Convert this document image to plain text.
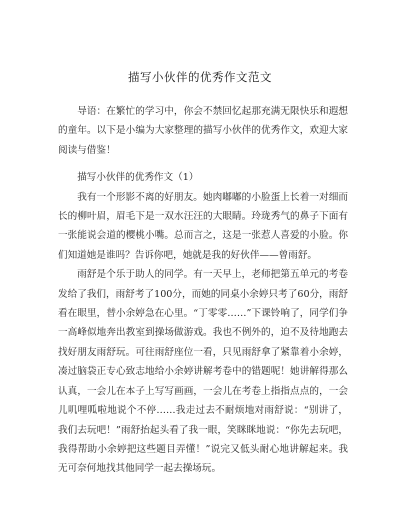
描写小伙伴的优秀作文范文

导语：在繁忙的学习中，你会不禁回忆起那充满无限快乐和遐想的童年。以下是小编为大家整理的描写小伙伴的优秀作文，欢迎大家阅读与借鉴！

描写小伙伴的优秀作文（1）

我有一个形影不离的好朋友。她肉嘟嘟的小脸蛋上长着一对细而长的柳叶眉，眉毛下是一双水汪汪的大眼睛。玲珑秀气的鼻子下面有一张能说会道的樱桃小嘴。总而言之，这是一张惹人喜爱的小脸。你们知道她是谁吗？告诉你吧，她就是我的好伙伴——曾雨舒。

雨舒是个乐于助人的同学。有一天早上，老师把第五单元的考卷发给了我们，雨舒考了100分，而她的同桌小余婷只考了60分，雨舒看在眼里，替小余婷急在心里。“丁零零……”下课铃响了，同学们争一高峰似地奔出教室到操场做游戏。我也不例外的，迫不及待地跑去找好朋友雨舒玩。可往雨舒座位一看，只见雨舒拿了紧靠着小余婷，凑过脑袋正专心致志地给小余婷讲解考卷中的错题呢！她讲解得那么认真，一会儿在本子上写写画画，一会儿在考卷上指指点点的，一会儿叽哩呱啦地说个不停……我走过去不耐烦地对雨舒说：“别讲了，我们去玩吧！”雨舒抬起头看了我一眼，笑眯眯地说：“你先去玩吧，我得帮助小余婷把这些题目弄懂！”说完又低头耐心地讲解起来。我无可奈何地找其他同学一起去操场玩。
